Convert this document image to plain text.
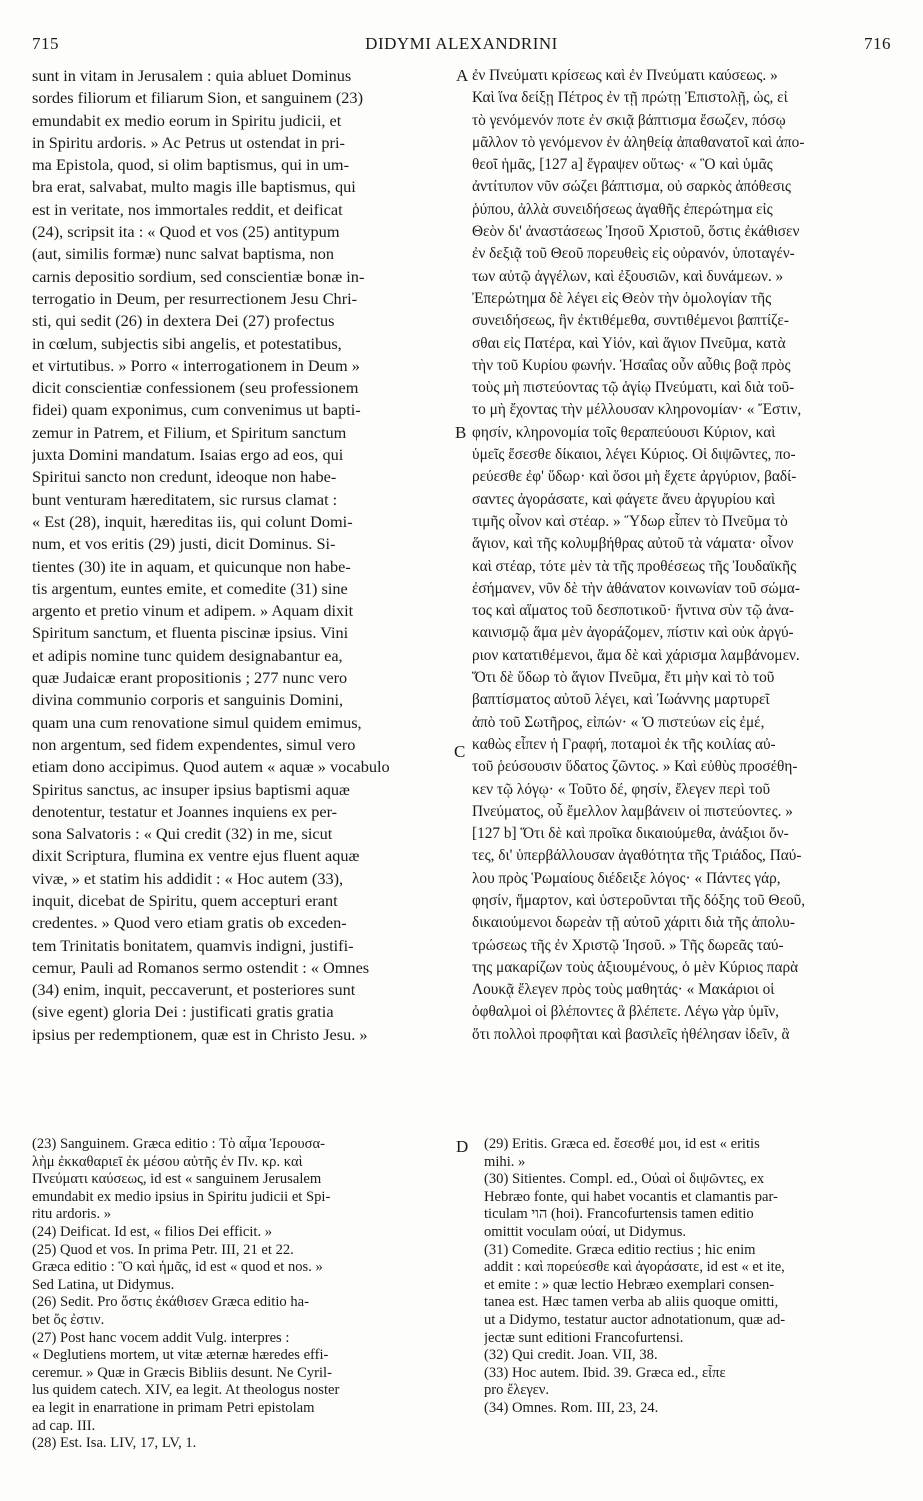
715	DIDYMI ALEXANDRINI	716
sunt in vitam in Jerusalem : quia abluet Dominus
sordes filiorum et filiarum Sion, et sanguinem (23)
emundabit ex medio eorum in Spiritu judicii, et
in Spiritu ardoris. » Ac Petrus ut ostendat in pri-
ma Epistola, quod, si olim baptismus, qui in um-
bra erat, salvabat, multo magis ille baptismus, qui
est in veritate, nos immortales reddit, et deificat
(24), scripsit ita : « Quod et vos (25) antitypum
(aut, similis formæ) nunc salvat baptisma, non
carnis depositio sordium, sed conscientiæ bonæ in-
terrogatio in Deum, per resurrectionem Jesu Chri-
sti, qui sedit (26) in dextera Dei (27) profectus
in cœlum, subjectis sibi angelis, et potestatibus,
et virtutibus. » Porro « interrogationem in Deum »
dicit conscientiæ confessionem (seu professionem
fidei) quam exponimus, cum convenimus ut bapti-
zemur in Patrem, et Filium, et Spiritum sanctum
juxta Domini mandatum. Isaias ergo ad eos, qui
Spiritui sancto non credunt, ideoque non habe-
bunt venturam hæreditatem, sic rursus clamat :
« Est (28), inquit, hæreditas iis, qui colunt Domi-
num, et vos eritis (29) justi, dicit Dominus. Si-
tientes (30) ite in aquam, et quicunque non habe-
tis argentum, euntes emite, et comedite (31) sine
argento et pretio vinum et adipem. » Aquam dixit
Spiritum sanctum, et fluenta piscinæ ipsius. Vini
et adipis nomine tunc quidem designabantur ea,
quæ Judaicæ erant propositionis ; 277 nunc vero
divina communio corporis et sanguinis Domini,
quam una cum renovatione simul quidem emimus,
non argentum, sed fidem expendentes, simul vero
etiam dono accipimus. Quod autem « aquæ » vocabulo
Spiritus sanctus, ac insuper ipsius baptismi aquæ
denotentur, testatur et Joannes inquiens ex per-
sona Salvatoris : « Qui credit (32) in me, sicut
dixit Scriptura, flumina ex ventre ejus fluent aquæ
vivæ, » et statim his addidit : « Hoc autem (33),
inquit, dicebat de Spiritu, quem accepturi erant
credentes. » Quod vero etiam gratis ob exceden-
tem Trinitatis bonitatem, quamvis indigni, justifi-
cemur, Pauli ad Romanos sermo ostendit : « Omnes
(34) enim, inquit, peccaverunt, et posteriores sunt
(sive egent) gloria Dei : justificati gratis gratia
ipsius per redemptionem, quæ est in Christo Jesu. »
ἐν Πνεύματι κρίσεως καὶ ἐν Πνεύματι καύσεως. »
Καὶ ἵνα δείξῃ Πέτρος ἐν τῇ πρώτῃ Ἐπιστολῇ, ὡς, εἰ
τὸ γενόμενόν ποτε ἐν σκιᾷ βάπτισμα ἔσωζεν, πόσῳ
μᾶλλον τὸ γενόμενον ἐν ἀληθείᾳ ἀπαθανατοῖ καὶ ἀπο-
θεοῖ ἡμᾶς, [127 a] ἔγραψεν οὕτως· « Ὃ καὶ ὑμᾶς
ἀντίτυπον νῦν σώζει βάπτισμα, οὐ σαρκὸς ἀπόθεσις
ῥύπου, ἀλλὰ συνειδήσεως ἀγαθῆς ἐπερώτημα εἰς
Θεὸν δι' ἀναστάσεως Ἰησοῦ Χριστοῦ, ὅστις ἐκάθισεν
ἐν δεξιᾷ τοῦ Θεοῦ πορευθεὶς εἰς οὐρανόν, ὑποταγέν-
των αὐτῷ ἀγγέλων, καὶ ἐξουσιῶν, καὶ δυνάμεων. »
Ἐπερώτημα δὲ λέγει εἰς Θεὸν τὴν ὁμολογίαν τῆς
συνειδήσεως, ἣν ἐκτιθέμεθα, συντιθέμενοι βαπτίζε-
σθαι εἰς Πατέρα, καὶ Υἱόν, καὶ ἅγιον Πνεῦμα, κατὰ
τὴν τοῦ Κυρίου φωνήν. Ἡσαΐας οὖν αὖθις βοᾷ πρὸς
τοὺς μὴ πιστεύοντας τῷ ἁγίῳ Πνεύματι, καὶ διὰ τοῦ-
το μὴ ἔχοντας τὴν μέλλουσαν κληρονομίαν· « Ἔστιν,
φησίν, κληρονομία τοῖς θεραπεύουσι Κύριον, καὶ
ὑμεῖς ἔσεσθε δίκαιοι, λέγει Κύριος. Οἱ διψῶντες, πο-
ρεύεσθε ἐφ' ὕδωρ· καὶ ὅσοι μὴ ἔχετε ἀργύριον, βαδί-
σαντες ἀγοράσατε, καὶ φάγετε ἄνευ ἀργυρίου καὶ
τιμῆς οἶνον καὶ στέαρ. » Ὕδωρ εἶπεν τὸ Πνεῦμα τὸ
ἅγιον, καὶ τῆς κολυμβήθρας αὐτοῦ τὰ νάματα· οἶνον
καὶ στέαρ, τότε μὲν τὰ τῆς προθέσεως τῆς Ἰουδαϊκῆς
ἐσήμανεν, νῦν δὲ τὴν ἀθάνατον κοινωνίαν τοῦ σώμα-
τος καὶ αἵματος τοῦ δεσποτικοῦ· ἥντινα σὺν τῷ ἀνα-
καινισμῷ ἅμα μὲν ἀγοράζομεν, πίστιν καὶ οὐκ ἀργύ-
ριον κατατιθέμενοι, ἅμα δὲ καὶ χάρισμα λαμβάνομεν.
Ὅτι δὲ ὕδωρ τὸ ἅγιον Πνεῦμα, ἔτι μὴν καὶ τὸ τοῦ
βαπτίσματος αὐτοῦ λέγει, καὶ Ἰωάννης μαρτυρεῖ
ἀπὸ τοῦ Σωτῆρος, εἰπών· « Ὁ πιστεύων εἰς ἐμέ,
καθὼς εἶπεν ἡ Γραφή, ποταμοὶ ἐκ τῆς κοιλίας αὐ-
τοῦ ῥεύσουσιν ὕδατος ζῶντος. » Καὶ εὐθὺς προσέθη-
κεν τῷ λόγῳ· « Τοῦτο δέ, φησίν, ἔλεγεν περὶ τοῦ
Πνεύματος, οὗ ἔμελλον λαμβάνειν οἱ πιστεύοντες. »
[127 b] Ὅτι δὲ καὶ προῖκα δικαιούμεθα, ἀνάξιοι ὄν-
τες, δι' ὑπερβάλλουσαν ἀγαθότητα τῆς Τριάδος, Παύ-
λου πρὸς Ῥωμαίους διέδειξε λόγος· « Πάντες γάρ,
φησίν, ἥμαρτον, καὶ ὑστεροῦνται τῆς δόξης τοῦ Θεοῦ,
δικαιούμενοι δωρεὰν τῇ αὐτοῦ χάριτι διὰ τῆς ἀπολυ-
τρώσεως τῆς ἐν Χριστῷ Ἰησοῦ. » Τῆς δωρεᾶς ταύ-
της μακαρίζων τοὺς ἀξιουμένους, ὁ μὲν Κύριος παρὰ
Λουκᾷ ἔλεγεν πρὸς τοὺς μαθητάς· « Μακάριοι οἱ
ὀφθαλμοὶ οἱ βλέποντες ἃ βλέπετε. Λέγω γὰρ ὑμῖν,
ὅτι πολλοὶ προφῆται καὶ βασιλεῖς ἠθέλησαν ἰδεῖν, ἃ
(23) Sanguinem. Græca editio : Τὸ αἷμα Ἰερουσα-
λὴμ ἐκκαθαριεῖ ἐκ μέσου αὐτῆς ἐν Πν. κρ. καὶ
Πνεύματι καύσεως, id est « sanguinem Jerusalem
emundabit ex medio ipsius in Spiritu judicii et Spi-
ritu ardoris. »
(24) Deificat. Id est, « filios Dei efficit. »
(25) Quod et vos. In prima Petr. III, 21 et 22.
Græca editio : Ὃ καὶ ἡμᾶς, id est « quod et nos. »
Sed Latina, ut Didymus.
(26) Sedit. Pro ὅστις ἐκάθισεν Græca editio ha-
bet ὅς ἐστιν.
(27) Post hanc vocem addit Vulg. interpres :
« Deglutiens mortem, ut vitæ æternæ hæredes effi-
ceremur. » Quæ in Græcis Bibliis desunt. Ne Cyril-
lus quidem catech. XIV, ea legit. At theologus noster
ea legit in enarratione in primam Petri epistolam
ad cap. III.
(28) Est. Isa. LIV, 17, LV, 1.
(29) Eritis. Græca ed. ἔσεσθέ μοι, id est « eritis
mihi. »
(30) Sitientes. Compl. ed., Οὐαὶ οἱ διψῶντες, ex
Hebræo fonte, qui habet vocantis et clamantis par-
ticulam הוי (hoi). Francofurtensis tamen editio
omittit voculam οὐαί, ut Didymus.
(31) Comedite. Græca editio rectius ; hic enim
addit : καὶ πορεύεσθε καὶ ἀγοράσατε, id est « et ite,
et emite : » quæ lectio Hebræo exemplari consen-
tanea est. Hæc tamen verba ab aliis quoque omitti,
ut a Didymo, testatur auctor adnotationum, quæ ad-
jectæ sunt editioni Francofurtensi.
(32) Qui credit. Joan. VII, 38.
(33) Hoc autem. Ibid. 39. Græca ed., εἶπε
pro ἔλεγεν.
(34) Omnes. Rom. III, 23, 24.
A
B
C
D
